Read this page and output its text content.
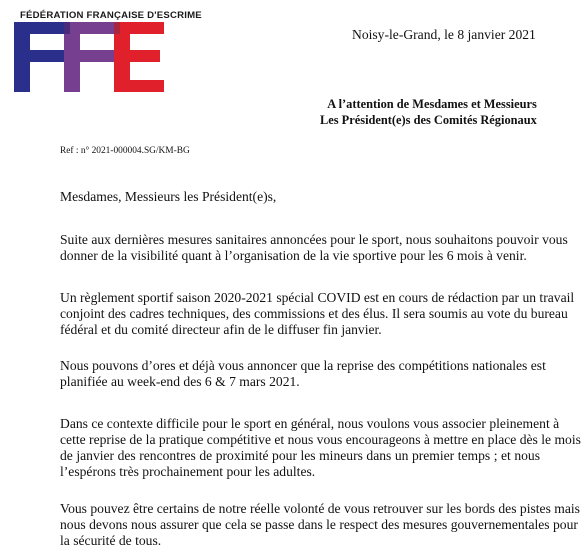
FÉDÉRATION FRANÇAISE D'ESCRIME
Noisy-le-Grand, le 8 janvier 2021
A l’attention de Mesdames et Messieurs
Les Président(e)s des Comités Régionaux
Ref : n° 2021-000004.SG/KM-BG
Mesdames, Messieurs les Président(e)s,
Suite aux dernières mesures sanitaires annoncées pour le sport, nous souhaitons pouvoir vous
donner de la visibilité quant à l’organisation de la vie sportive pour les 6 mois à venir.
Un règlement sportif saison 2020-2021 spécial COVID est en cours de rédaction par un travail
conjoint des cadres techniques, des commissions et des élus. Il sera soumis au vote du bureau
fédéral et du comité directeur afin de le diffuser fin janvier.
Nous pouvons d’ores et déjà vous annoncer que la reprise des compétitions nationales est
planifiée au week-end des 6 & 7 mars 2021.
Dans ce contexte difficile pour le sport en général, nous voulons vous associer pleinement à
cette reprise de la pratique compétitive et nous vous encourageons à mettre en place dès le mois
de janvier des rencontres de proximité pour les mineurs dans un premier temps ; et nous
l’espérons très prochainement pour les adultes.
Vous pouvez être certains de notre réelle volonté de vous retrouver sur les bords des pistes mais
nous devons nous assurer que cela se passe dans le respect des mesures gouvernementales pour
la sécurité de tous.
